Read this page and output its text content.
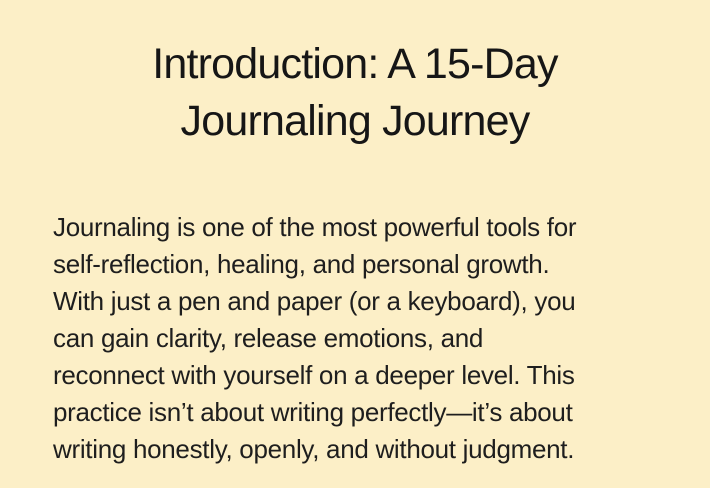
Introduction: A 15-Day
Journaling Journey
Journaling is one of the most powerful tools for
self-reflection, healing, and personal growth.
With just a pen and paper (or a keyboard), you
can gain clarity, release emotions, and
reconnect with yourself on a deeper level. This
practice isn’t about writing perfectly—it’s about
writing honestly, openly, and without judgment.
